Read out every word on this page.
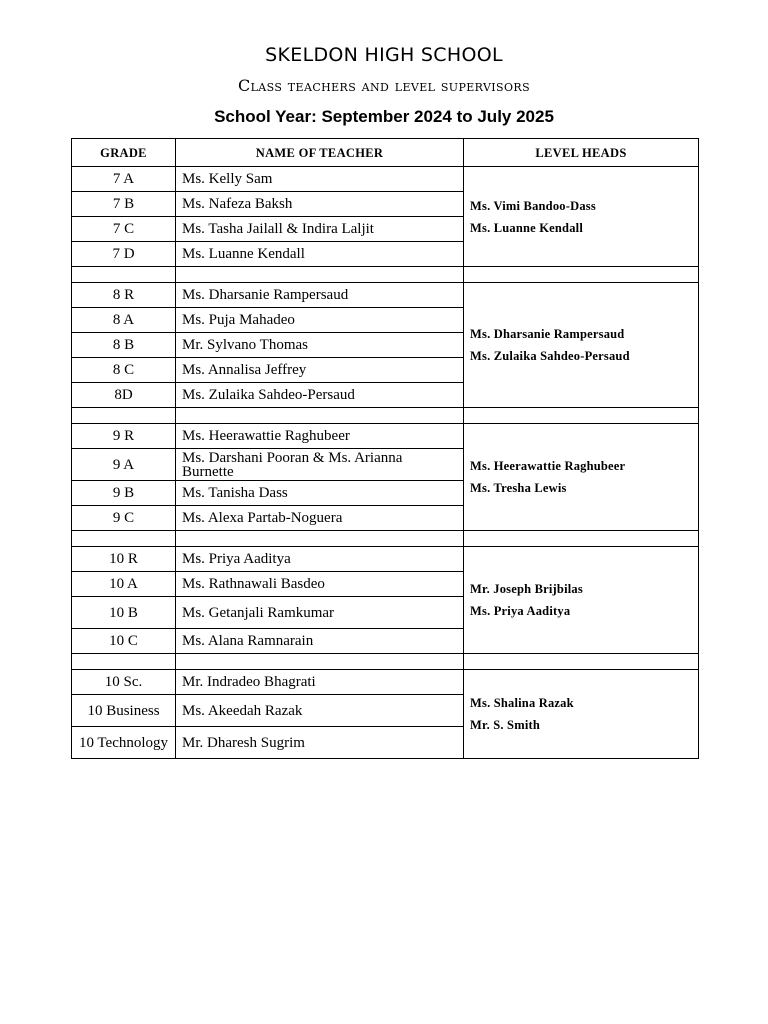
SKELDON HIGH SCHOOL
Class teachers and level supervisors
School Year: September 2024 to July 2025
GRADE	NAME OF TEACHER	LEVEL HEADS
7 A	Ms. Kelly Sam	Ms. Vimi Bandoo-Dass
Ms. Luanne Kendall

7 B	Ms. Nafeza Baksh	
7 C	Ms. Tasha Jailall & Indira Laljit	
7 D	Ms. Luanne Kendall	

8 R	Ms. Dharsanie Rampersaud	Ms. Dharsanie Rampersaud
Ms. Zulaika Sahdeo-Persaud

8 A	Ms. Puja Mahadeo	
8 B	Mr. Sylvano Thomas	
8 C	Ms. Annalisa Jeffrey	
8D	Ms. Zulaika Sahdeo-Persaud	

9 R	Ms. Heerawattie Raghubeer	Ms. Heerawattie Raghubeer
Ms. Tresha Lewis

9 A	Ms. Darshani Pooran & Ms. Arianna Burnette	
9 B	Ms. Tanisha Dass	
9 C	Ms. Alexa Partab-Noguera	

10 R	Ms. Priya Aaditya	Mr. Joseph Brijbilas
Ms. Priya Aaditya

10 A	Ms. Rathnawali Basdeo	
10 B	Ms. Getanjali Ramkumar	
10 C	Ms. Alana Ramnarain	

10 Sc.	Mr. Indradeo Bhagrati	Ms. Shalina Razak
Mr. S. Smith

10 Business	Ms. Akeedah Razak	
10 Technology	Mr. Dharesh Sugrim	
